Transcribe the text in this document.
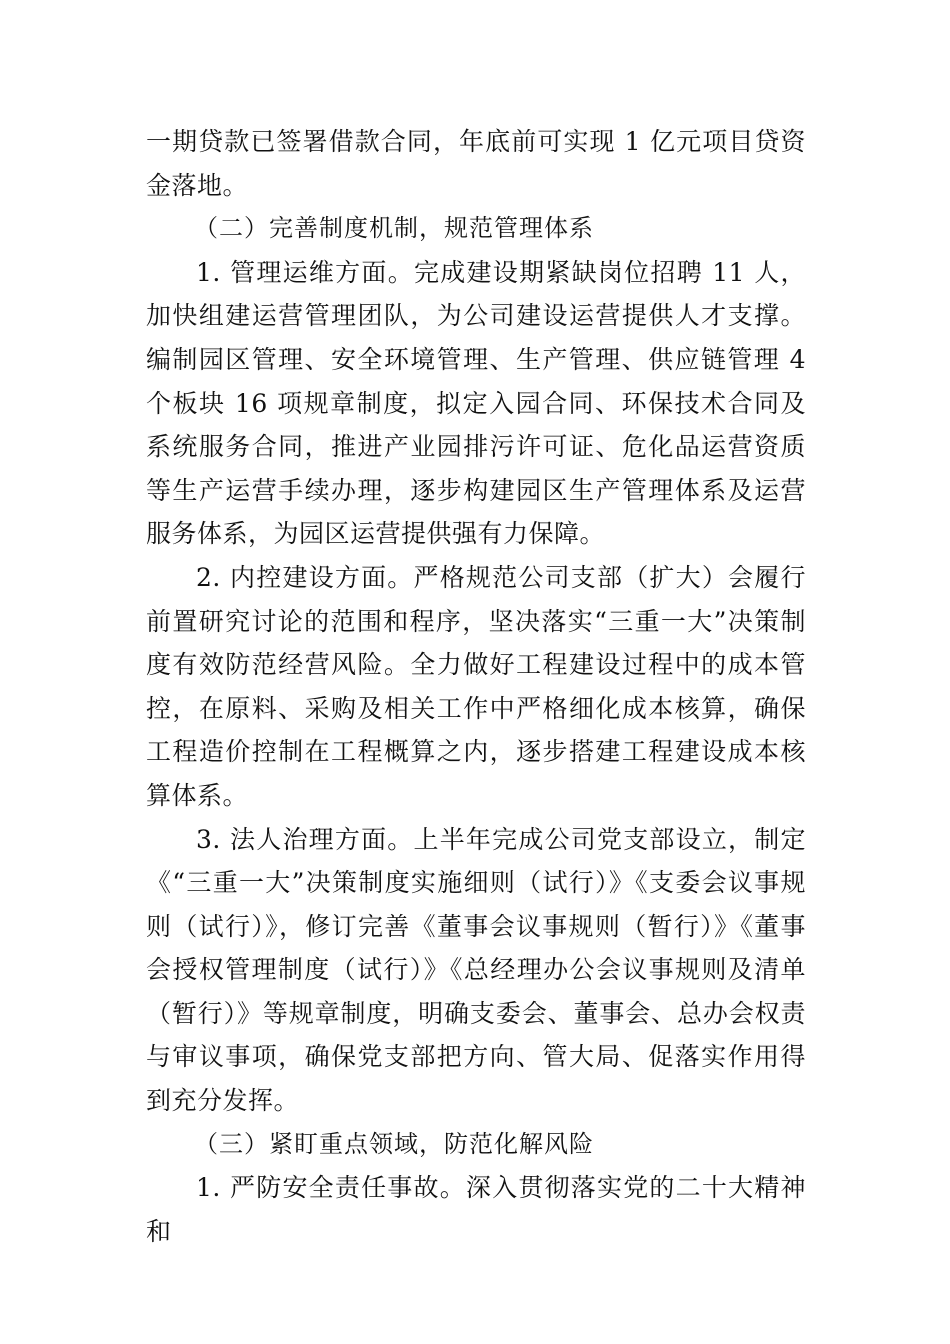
一期贷款已签署借款合同，年底前可实现 1 亿元项目贷资金落地。

（二）完善制度机制，规范管理体系

1. 管理运维方面。完成建设期紧缺岗位招聘 11 人，加快组建运营管理团队，为公司建设运营提供人才支撑。编制园区管理、安全环境管理、生产管理、供应链管理 4 个板块 16 项规章制度，拟定入园合同、环保技术合同及系统服务合同，推进产业园排污许可证、危化品运营资质等生产运营手续办理，逐步构建园区生产管理体系及运营服务体系，为园区运营提供强有力保障。

2. 内控建设方面。严格规范公司支部（扩大）会履行前置研究讨论的范围和程序，坚决落实“三重一大”决策制度有效防范经营风险。全力做好工程建设过程中的成本管控，在原料、采购及相关工作中严格细化成本核算，确保工程造价控制在工程概算之内，逐步搭建工程建设成本核算体系。

3. 法人治理方面。上半年完成公司党支部设立，制定《“三重一大”决策制度实施细则（试行）》《支委会议事规则（试行）》，修订完善《董事会议事规则（暂行）》《董事会授权管理制度（试行）》《总经理办公会议事规则及清单（暂行）》等规章制度，明确支委会、董事会、总办会权责与审议事项，确保党支部把方向、管大局、促落实作用得到充分发挥。

（三）紧盯重点领域，防范化解风险

1. 严防安全责任事故。深入贯彻落实党的二十大精神和
